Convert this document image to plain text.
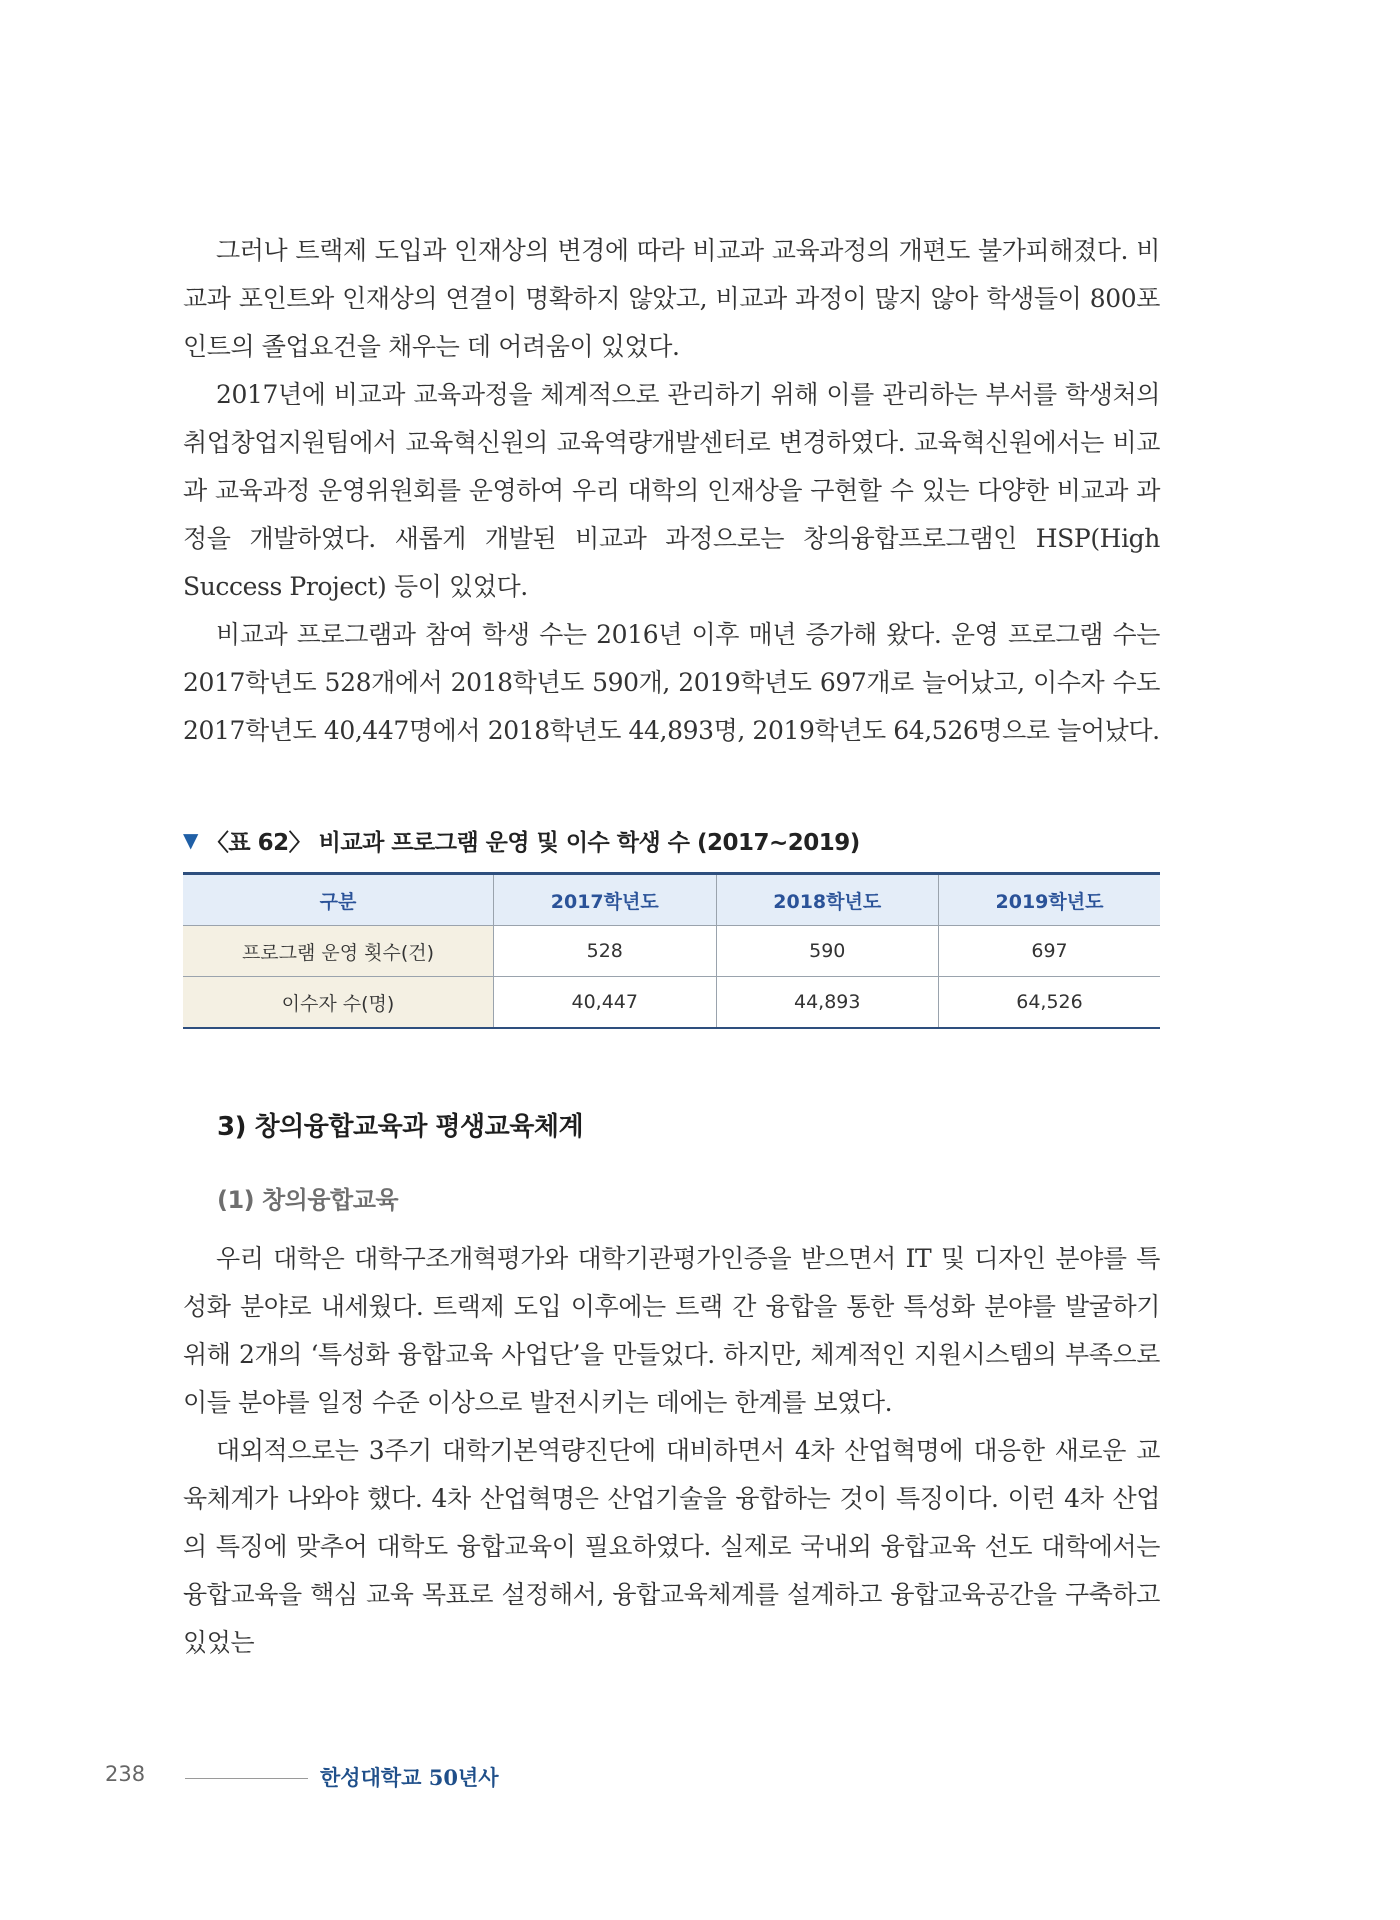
그러나 트랙제 도입과 인재상의 변경에 따라 비교과 교육과정의 개편도 불가피해졌다. 비교과 포인트와 인재상의 연결이 명확하지 않았고, 비교과 과정이 많지 않아 학생들이 800포인트의 졸업요건을 채우는 데 어려움이 있었다.

2017년에 비교과 교육과정을 체계적으로 관리하기 위해 이를 관리하는 부서를 학생처의 취업창업지원팀에서 교육혁신원의 교육역량개발센터로 변경하였다. 교육혁신원에서는 비교과 교육과정 운영위원회를 운영하여 우리 대학의 인재상을 구현할 수 있는 다양한 비교과 과정을 개발하였다. 새롭게 개발된 비교과 과정으로는 창의융합프로그램인 HSP(High Success Project) 등이 있었다.

비교과 프로그램과 참여 학생 수는 2016년 이후 매년 증가해 왔다. 운영 프로그램 수는 2017학년도 528개에서 2018학년도 590개, 2019학년도 697개로 늘어났고, 이수자 수도 2017학년도 40,447명에서 2018학년도 44,893명, 2019학년도 64,526명으로 늘어났다.

▼ 〈표 62〉 비교과 프로그램 운영 및 이수 학생 수 (2017~2019)
구분	2017학년도	2018학년도	2019학년도
프로그램 운영 횟수(건)	528	590	697
이수자 수(명)	40,447	44,893	64,526
3) 창의융합교육과 평생교육체계
(1) 창의융합교육

우리 대학은 대학구조개혁평가와 대학기관평가인증을 받으면서 IT 및 디자인 분야를 특성화 분야로 내세웠다. 트랙제 도입 이후에는 트랙 간 융합을 통한 특성화 분야를 발굴하기 위해 2개의 ‘특성화 융합교육 사업단’을 만들었다. 하지만, 체계적인 지원시스템의 부족으로 이들 분야를 일정 수준 이상으로 발전시키는 데에는 한계를 보였다.

대외적으로는 3주기 대학기본역량진단에 대비하면서 4차 산업혁명에 대응한 새로운 교육체계가 나와야 했다. 4차 산업혁명은 산업기술을 융합하는 것이 특징이다. 이런 4차 산업의 특징에 맞추어 대학도 융합교육이 필요하였다. 실제로 국내외 융합교육 선도 대학에서는 융합교육을 핵심 교육 목표로 설정해서, 융합교육체계를 설계하고 융합교육공간을 구축하고 있었는

238	한성대학교 50년사
